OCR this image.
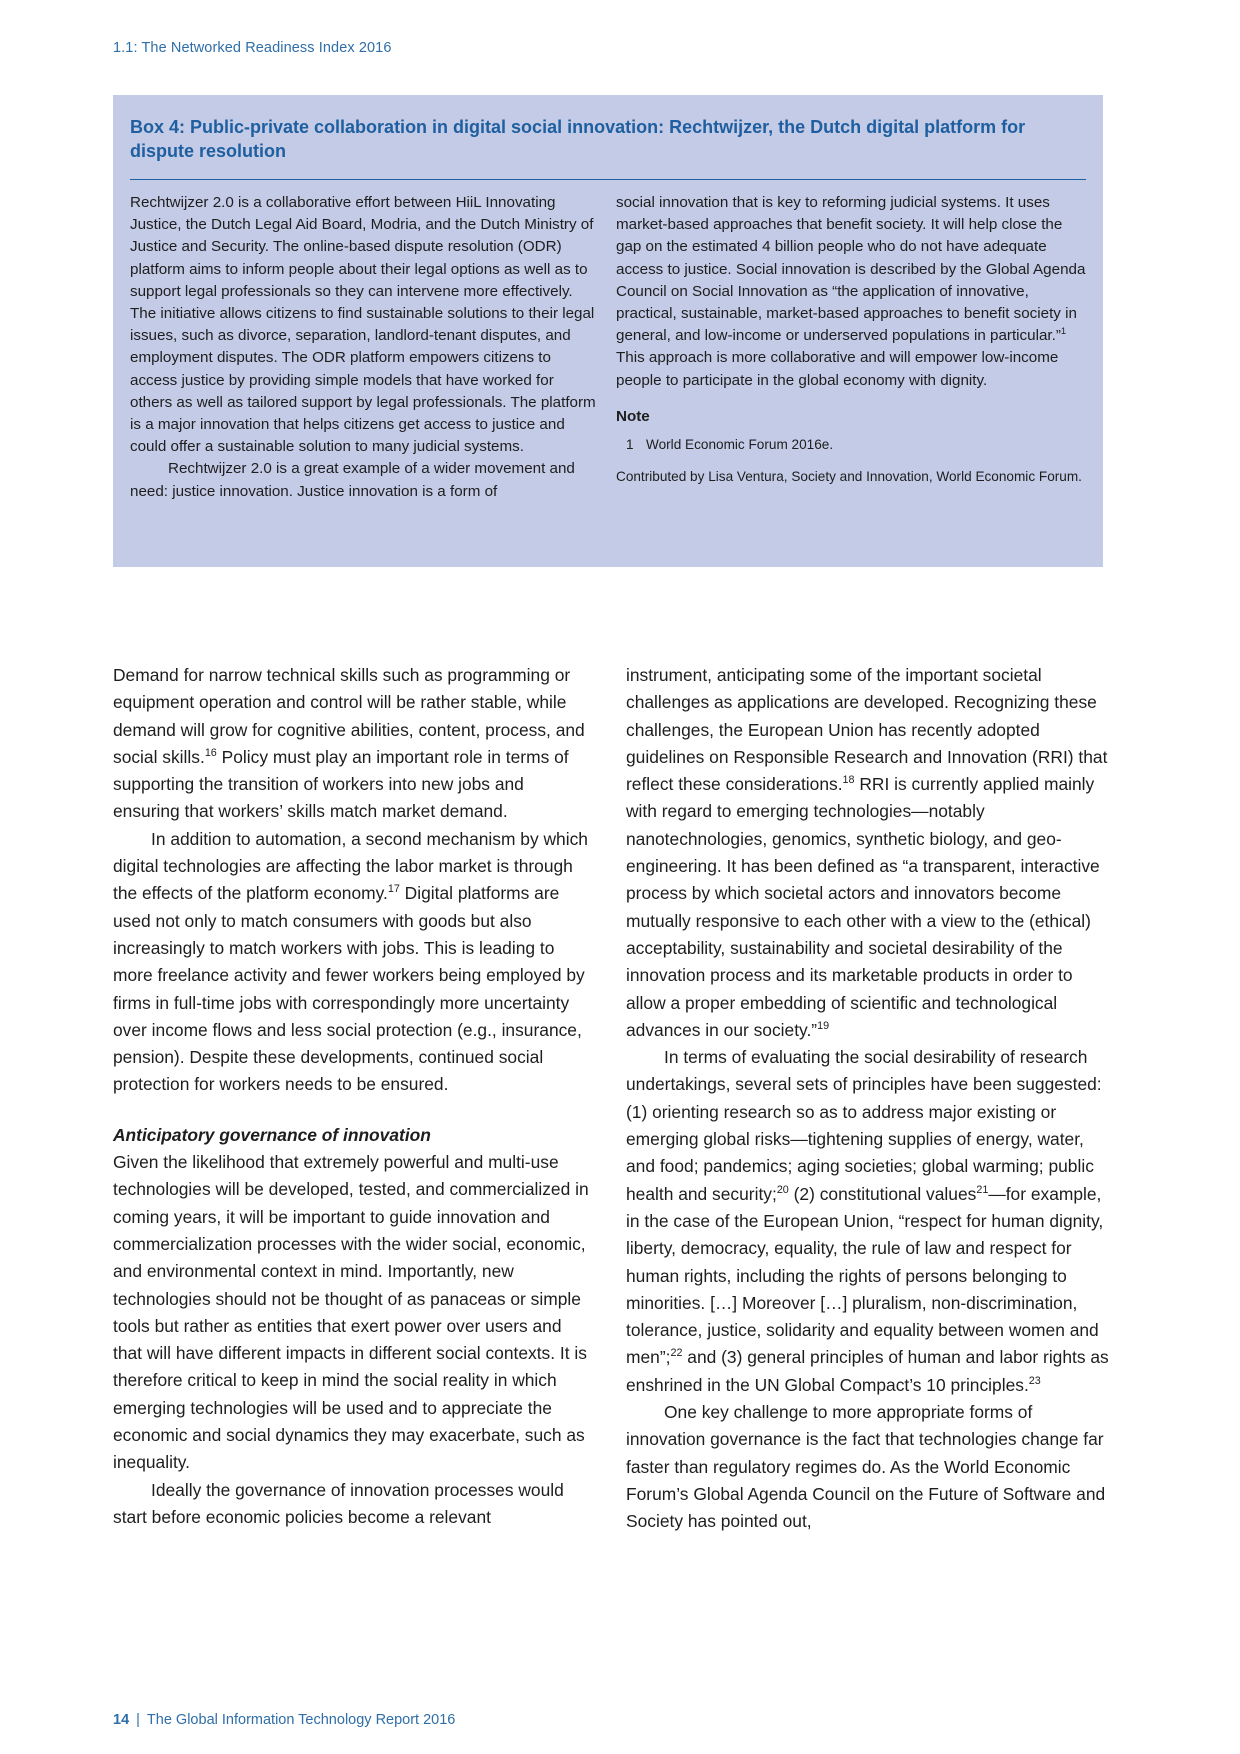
1.1: The Networked Readiness Index 2016
Box 4: Public-private collaboration in digital social innovation: Rechtwijzer, the Dutch digital platform for dispute resolution

Rechtwijzer 2.0 is a collaborative effort between HiiL Innovating Justice, the Dutch Legal Aid Board, Modria, and the Dutch Ministry of Justice and Security. The online-based dispute resolution (ODR) platform aims to inform people about their legal options as well as to support legal professionals so they can intervene more effectively. The initiative allows citizens to find sustainable solutions to their legal issues, such as divorce, separation, landlord-tenant disputes, and employment disputes. The ODR platform empowers citizens to access justice by providing simple models that have worked for others as well as tailored support by legal professionals. The platform is a major innovation that helps citizens get access to justice and could offer a sustainable solution to many judicial systems.

Rechtwijzer 2.0 is a great example of a wider movement and need: justice innovation. Justice innovation is a form of

social innovation that is key to reforming judicial systems. It uses market-based approaches that benefit society. It will help close the gap on the estimated 4 billion people who do not have adequate access to justice. Social innovation is described by the Global Agenda Council on Social Innovation as “the application of innovative, practical, sustainable, market-based approaches to benefit society in general, and low-income or underserved populations in particular.”$^1$ This approach is more collaborative and will empower low-income people to participate in the global economy with dignity.

Note

1 World Economic Forum 2016e.

Contributed by Lisa Ventura, Society and Innovation, World Economic Forum.

Demand for narrow technical skills such as programming or equipment operation and control will be rather stable, while demand will grow for cognitive abilities, content, process, and social skills.$^{16}$ Policy must play an important role in terms of supporting the transition of workers into new jobs and ensuring that workers’ skills match market demand.

In addition to automation, a second mechanism by which digital technologies are affecting the labor market is through the effects of the platform economy.$^{17}$ Digital platforms are used not only to match consumers with goods but also increasingly to match workers with jobs. This is leading to more freelance activity and fewer workers being employed by firms in full-time jobs with correspondingly more uncertainty over income flows and less social protection (e.g., insurance, pension). Despite these developments, continued social protection for workers needs to be ensured.

Anticipatory governance of innovation

Given the likelihood that extremely powerful and multi-use technologies will be developed, tested, and commercialized in coming years, it will be important to guide innovation and commercialization processes with the wider social, economic, and environmental context in mind. Importantly, new technologies should not be thought of as panaceas or simple tools but rather as entities that exert power over users and that will have different impacts in different social contexts. It is therefore critical to keep in mind the social reality in which emerging technologies will be used and to appreciate the economic and social dynamics they may exacerbate, such as inequality.

Ideally the governance of innovation processes would start before economic policies become a relevant

instrument, anticipating some of the important societal challenges as applications are developed. Recognizing these challenges, the European Union has recently adopted guidelines on Responsible Research and Innovation (RRI) that reflect these considerations.$^{18}$ RRI is currently applied mainly with regard to emerging technologies—notably nanotechnologies, genomics, synthetic biology, and geo-engineering. It has been defined as “a transparent, interactive process by which societal actors and innovators become mutually responsive to each other with a view to the (ethical) acceptability, sustainability and societal desirability of the innovation process and its marketable products in order to allow a proper embedding of scientific and technological advances in our society.”$^{19}$

In terms of evaluating the social desirability of research undertakings, several sets of principles have been suggested: (1) orienting research so as to address major existing or emerging global risks—tightening supplies of energy, water, and food; pandemics; aging societies; global warming; public health and security;$^{20}$ (2) constitutional values$^{21}$—for example, in the case of the European Union, “respect for human dignity, liberty, democracy, equality, the rule of law and respect for human rights, including the rights of persons belonging to minorities. […] Moreover […] pluralism, non-discrimination, tolerance, justice, solidarity and equality between women and men”;$^{22}$ and (3) general principles of human and labor rights as enshrined in the UN Global Compact’s 10 principles.$^{23}$

One key challenge to more appropriate forms of innovation governance is the fact that technologies change far faster than regulatory regimes do. As the World Economic Forum’s Global Agenda Council on the Future of Software and Society has pointed out,

14 | The Global Information Technology Report 2016
